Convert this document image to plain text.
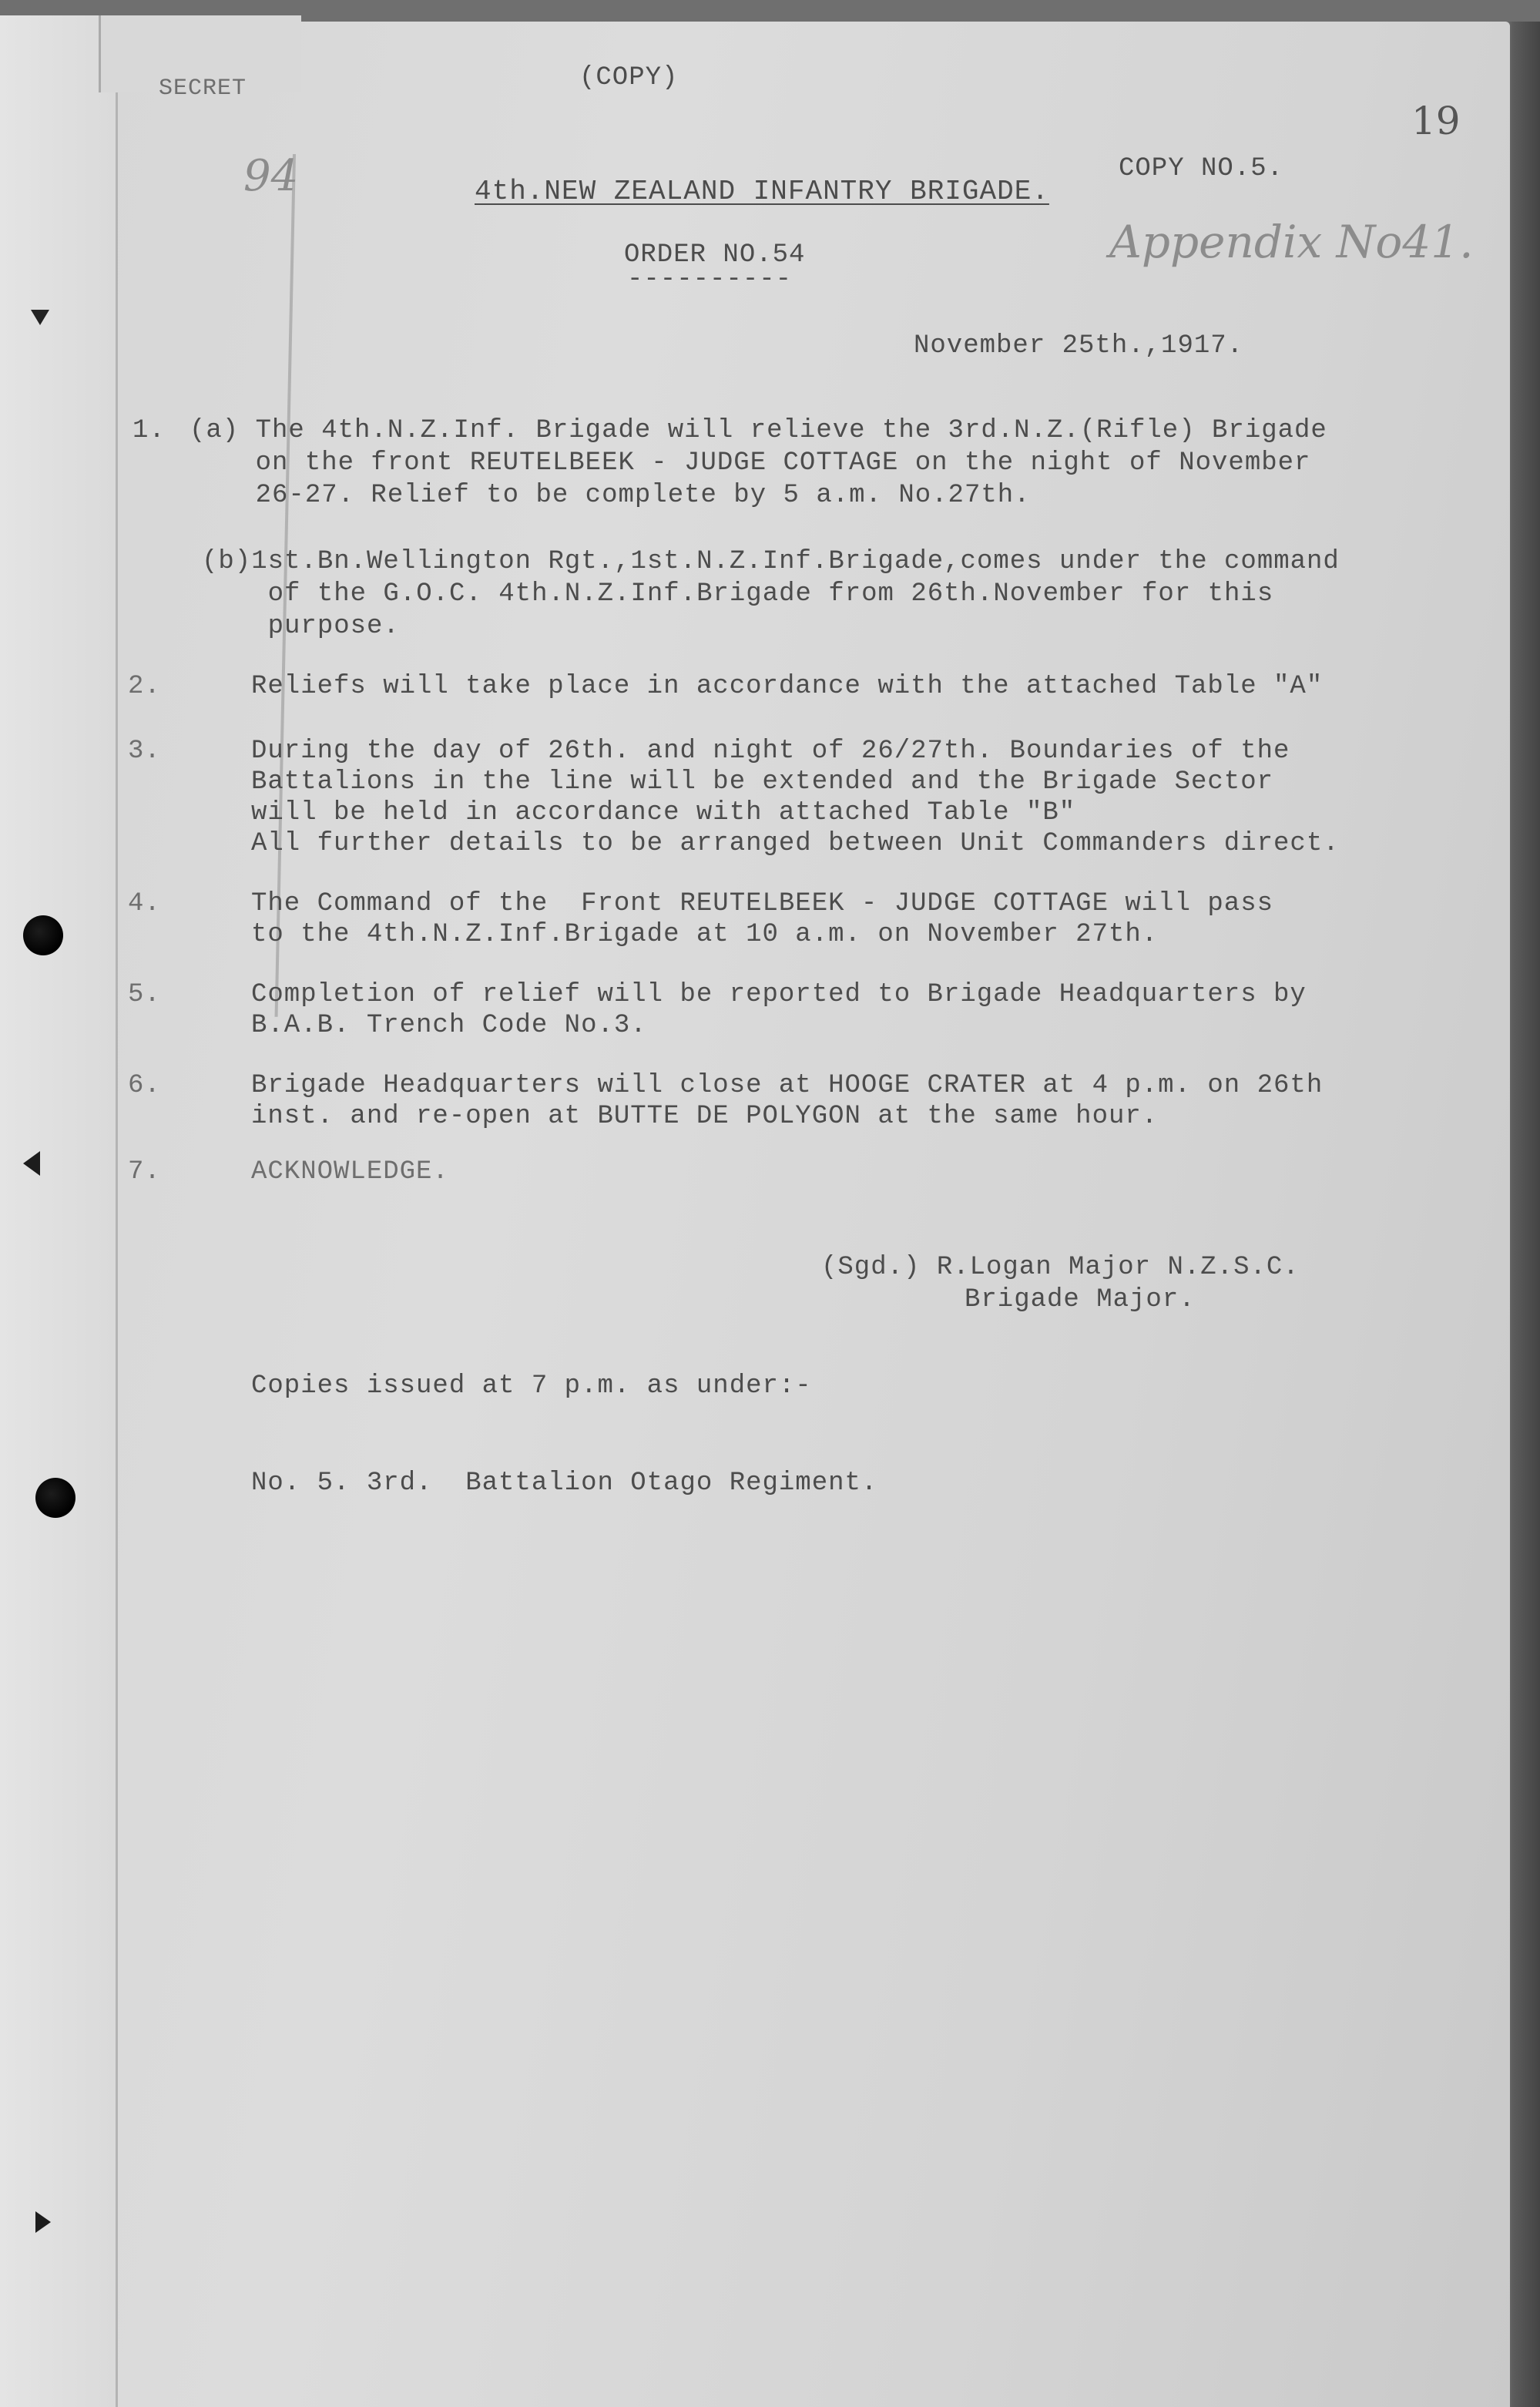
SECRET	(COPY)
94
19
4th.NEW ZEALAND INFANTRY BRIGADE.
COPY NO.5.
Appendix No41.
ORDER NO.54
----------
November 25th.,1917.
1. (a) The 4th.N.Z.Inf. Brigade will relieve the 3rd.N.Z.(Rifle) Brigade
on the front REUTELBEEK - JUDGE COTTAGE on the night of November
26-27. Relief to be complete by 5 a.m. No.27th.
(b)1st.Bn.Wellington Rgt.,1st.N.Z.Inf.Brigade,comes under the command
of the G.O.C. 4th.N.Z.Inf.Brigade from 26th.November for this
purpose.
2.	Reliefs will take place in accordance with the attached Table "A"
3.	During the day of 26th. and night of 26/27th. Boundaries of the
Battalions in the line will be extended and the Brigade Sector
will be held in accordance with attached Table "B"
All further details to be arranged between Unit Commanders direct.
4.	The Command of the  Front REUTELBEEK - JUDGE COTTAGE will pass
to the 4th.N.Z.Inf.Brigade at 10 a.m. on November 27th.
5.	Completion of relief will be reported to Brigade Headquarters by
B.A.B. Trench Code No.3.
6.	Brigade Headquarters will close at HOOGE CRATER at 4 p.m. on 26th
inst. and re-open at BUTTE DE POLYGON at the same hour.
7.	ACKNOWLEDGE.
(Sgd.) R.Logan Major N.Z.S.C.
Brigade Major.
Copies issued at 7 p.m. as under:-
No. 5. 3rd.  Battalion Otago Regiment.
